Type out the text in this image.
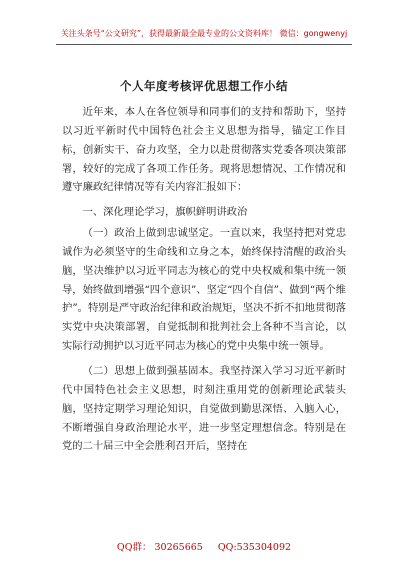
关注头条号“公文研究”，获得最新最全最专业的公文资料库！ 微信：gongwenyj
个人年度考核评优思想工作小结

近年来，本人在各位领导和同事们的支持和帮助下，坚持以习近平新时代中国特色社会主义思想为指导，锚定工作目标，创新实干、奋力攻坚，全力以赴贯彻落实党委各项决策部署，较好的完成了各项工作任务。现将思想情况、工作情况和遵守廉政纪律情况等有关内容汇报如下：

一、深化理论学习，旗帜鲜明讲政治

（一）政治上做到忠诚坚定。一直以来，我坚持把对党忠诚作为必须坚守的生命线和立身之本，始终保持清醒的政治头脑，坚决维护以习近平同志为核心的党中央权威和集中统一领导，始终做到增强“四个意识”、坚定“四个自信”、做到“两个维护”。特别是严守政治纪律和政治规矩，坚决不折不扣地贯彻落实党中央决策部署，自觉抵制和批判社会上各种不当言论，以实际行动拥护以习近平同志为核心的党中央集中统一领导。

（二）思想上做到强基固本。我坚持深入学习习近平新时代中国特色社会主义思想，时刻注重用党的创新理论武装头脑，坚持定期学习理论知识，自觉做到勤思深悟、入脑入心，不断增强自身政治理论水平，进一步坚定理想信念。特别是在党的二十届三中全会胜利召开后，坚持在

QQ群： 30265665 QQ:535304092
